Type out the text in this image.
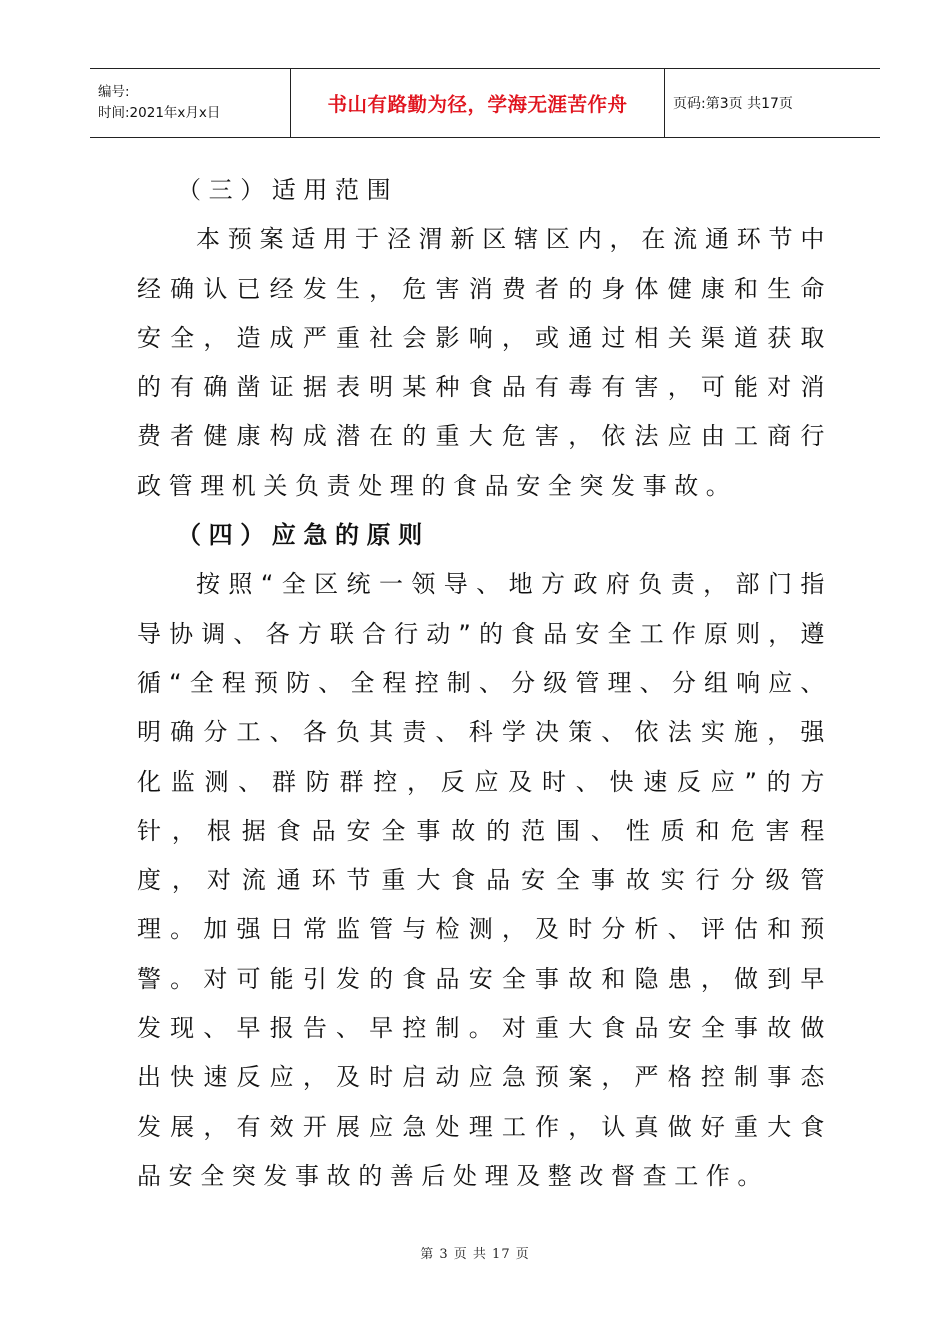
编号:
时间:2021年x月x日	书山有路勤为径，学海无涯苦作舟	页码:第3页 共17页

（三）适用范围

本预案适用于泾渭新区辖区内，在流通环节中经确认已经发生，危害消费者的身体健康和生命安全，造成严重社会影响，或通过相关渠道获取的有确凿证据表明某种食品有毒有害，可能对消费者健康构成潜在的重大危害，依法应由工商行政管理机关负责处理的食品安全突发事故。

（四）应急的原则

按照“全区统一领导、地方政府负责，部门指导协调、各方联合行动”的食品安全工作原则，遵循“全程预防、全程控制、分级管理、分组响应、明确分工、各负其责、科学决策、依法实施，强化监测、群防群控，反应及时、快速反应”的方针，根据食品安全事故的范围、性质和危害程度，对流通环节重大食品安全事故实行分级管理。加强日常监管与检测，及时分析、评估和预警。对可能引发的食品安全事故和隐患，做到早发现、早报告、早控制。对重大食品安全事故做出快速反应，及时启动应急预案，严格控制事态发展，有效开展应急处理工作，认真做好重大食品安全突发事故的善后处理及整改督查工作。

第 3 页 共 17 页
